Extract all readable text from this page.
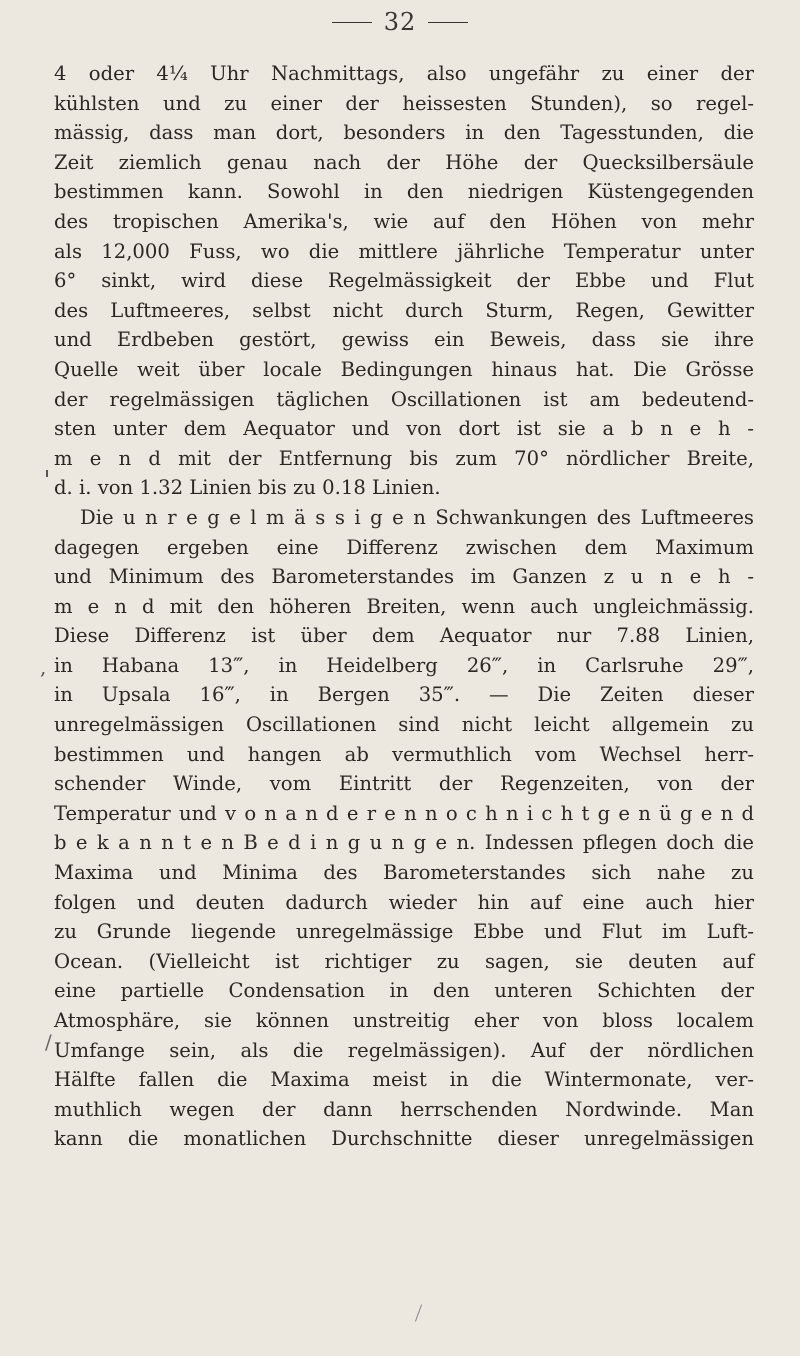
32
4 oder 4¼ Uhr Nachmittags, also ungefähr zu einer der
kühlsten und zu einer der heissesten Stunden), so regel-
mässig, dass man dort, besonders in den Tagesstunden, die
Zeit ziemlich genau nach der Höhe der Quecksilbersäule
bestimmen kann. Sowohl in den niedrigen Küstengegenden
des tropischen Amerika's, wie auf den Höhen von mehr
als 12,000 Fuss, wo die mittlere jährliche Temperatur unter
6° sinkt, wird diese Regelmässigkeit der Ebbe und Flut
des Luftmeeres, selbst nicht durch Sturm, Regen, Gewitter
und Erdbeben gestört, gewiss ein Beweis, dass sie ihre
Quelle weit über locale Bedingungen hinaus hat. Die Grösse
der regelmässigen täglichen Oscillationen ist am bedeutend-
sten unter dem Aequator und von dort ist sie a b n e h -
m e n d mit der Entfernung bis zum 70° nördlicher Breite,
d. i. von 1.32 Linien bis zu 0.18 Linien.
Die u n r e g e l m ä s s i g e n Schwankungen des Luftmeeres
dagegen ergeben eine Differenz zwischen dem Maximum
und Minimum des Barometerstandes im Ganzen z u n e h -
m e n d mit den höheren Breiten, wenn auch ungleichmässig.
Diese Differenz ist über dem Aequator nur 7.88 Linien,
in Habana 13‴, in Heidelberg 26‴, in Carlsruhe 29‴,
in Upsala 16‴, in Bergen 35‴. — Die Zeiten dieser
unregelmässigen Oscillationen sind nicht leicht allgemein zu
bestimmen und hangen ab vermuthlich vom Wechsel herr-
schender Winde, vom Eintritt der Regenzeiten, von der
Temperatur und v o n a n d e r e n n o c h n i c h t g e n ü g e n d
b e k a n n t e n B e d i n g u n g e n. Indessen pflegen doch die
Maxima und Minima des Barometerstandes sich nahe zu
folgen und deuten dadurch wieder hin auf eine auch hier
zu Grunde liegende unregelmässige Ebbe und Flut im Luft-
Ocean. (Vielleicht ist richtiger zu sagen, sie deuten auf
eine partielle Condensation in den unteren Schichten der
Atmosphäre, sie können unstreitig eher von bloss localem
Umfange sein, als die regelmässigen). Auf der nördlichen
Hälfte fallen die Maxima meist in die Wintermonate, ver-
muthlich wegen der dann herrschenden Nordwinde. Man
kann die monatlichen Durchschnitte dieser unregelmässigen
,
/
